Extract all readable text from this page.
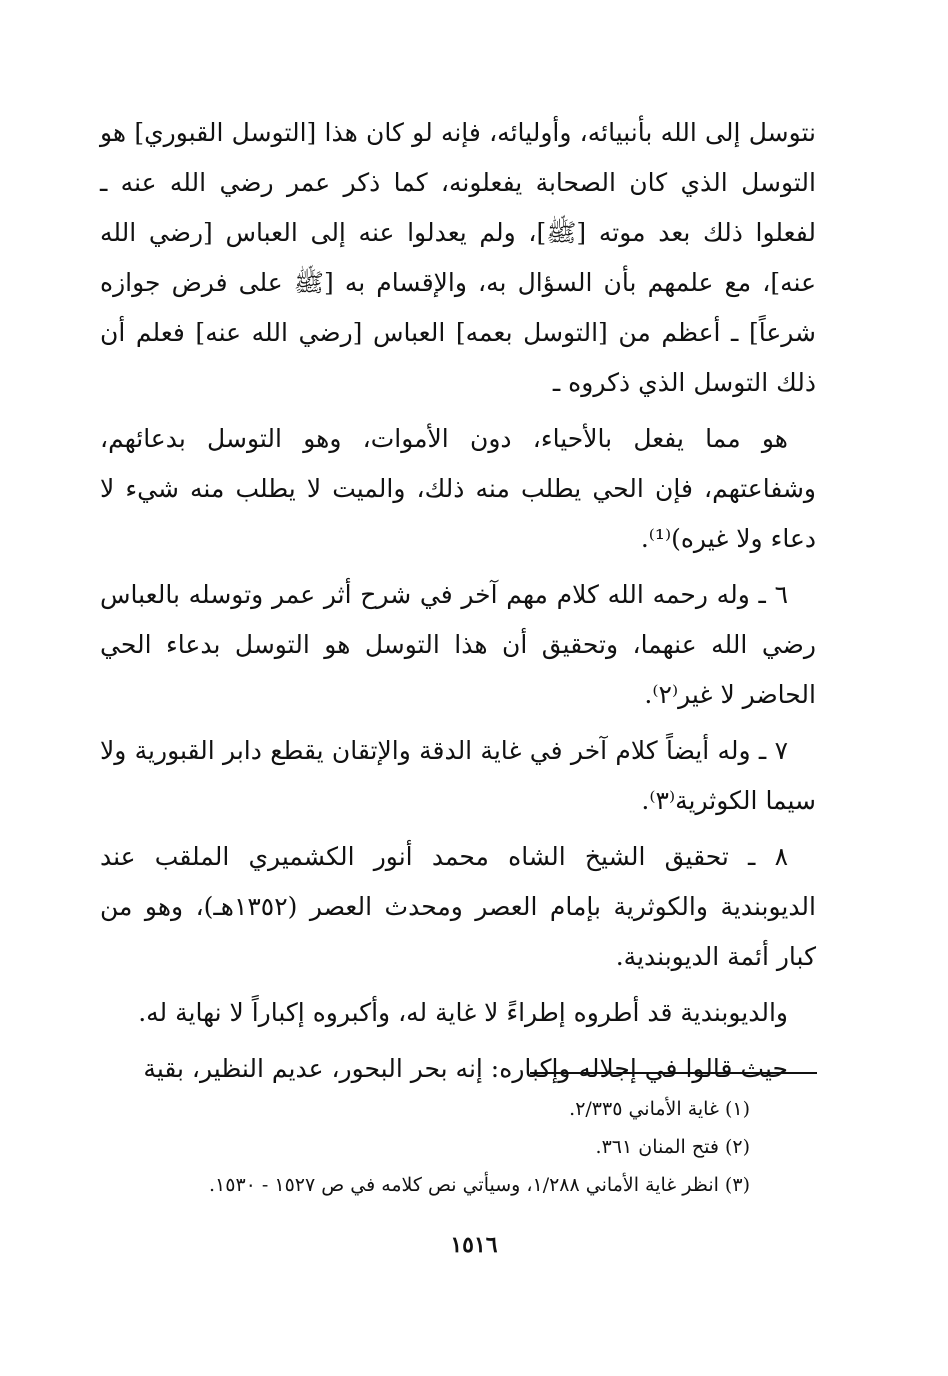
نتوسل إلى الله بأنبيائه، وأوليائه، فإنه لو كان هذا [التوسل القبوري] هو التوسل الذي كان الصحابة يفعلونه، كما ذكر عمر رضي الله عنه ـ لفعلوا ذلك بعد موته [ﷺ]، ولم يعدلوا عنه إلى العباس [رضي الله عنه]، مع علمهم بأن السؤال به، والإقسام به [ﷺ على فرض جوازه شرعاً] ـ أعظم من [التوسل بعمه] العباس [رضي الله عنه] فعلم أن ذلك التوسل الذي ذكروه ـ

هو مما يفعل بالأحياء، دون الأموات، وهو التوسل بدعائهم، وشفاعتهم، فإن الحي يطلب منه ذلك، والميت لا يطلب منه شيء لا دعاء ولا غيره)⁽¹⁾.

٦ ـ وله رحمه الله كلام مهم آخر في شرح أثر عمر وتوسله بالعباس رضي الله عنهما، وتحقيق أن هذا التوسل هو التوسل بدعاء الحي الحاضر لا غير⁽٢⁾.

٧ ـ وله أيضاً كلام آخر في غاية الدقة والإتقان يقطع دابر القبورية ولا سيما الكوثرية⁽٣⁾.

٨ ـ تحقيق الشيخ الشاه محمد أنور الكشميري الملقب عند الديوبندية والكوثرية بإمام العصر ومحدث العصر (١٣٥٢هـ)، وهو من كبار أئمة الديوبندية.

والديوبندية قد أطروه إطراءً لا غاية له، وأكبروه إكباراً لا نهاية له.

حيث قالوا في إجلاله وإكباره: إنه بحر البحور، عديم النظير، بقية

(١) غاية الأماني ٢/٣٣٥.

(٢) فتح المنان ٣٦١.

(٣) انظر غاية الأماني ١/٢٨٨، وسيأتي نص كلامه في ص ١٥٢٧ - ١٥٣٠.

١٥١٦
